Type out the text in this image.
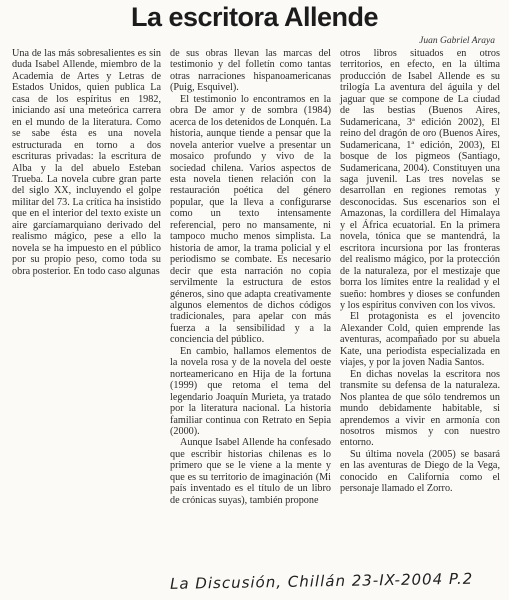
La escritora Allende
Juan Gabriel Araya

Una de las más sobresalientes es sin duda Isabel Allende, miembro de la Academia de Artes y Letras de Estados Unidos, quien publica La casa de los espíritus en 1982, iniciando así una meteórica carrera en el mundo de la literatura. Como se sabe ésta es una novela estructurada en torno a dos escrituras privadas: la escritura de Alba y la del abuelo Esteban Trueba. La novela cubre gran parte del siglo XX, incluyendo el golpe militar del 73. La crítica ha insistido que en el interior del texto existe un aire garcíamarquiano derivado del realismo mágico, pese a ello la novela se ha impuesto en el público por su propio peso, como toda su obra posterior. En todo caso algunas

de sus obras llevan las marcas del testimonio y del folletín como tantas otras narraciones hispanoamericanas (Puig, Esquivel).

El testimonio lo encontramos en la obra De amor y de sombra (1984) acerca de los detenidos de Lonquén. La historia, aunque tiende a pensar que la novela anterior vuelve a presentar un mosaico profundo y vivo de la sociedad chilena. Varios aspectos de esta novela tienen relación con la restauración poética del género popular, que la lleva a configurarse como un texto intensamente referencial, pero no mansamente, ni tampoco mucho menos simplista. La historia de amor, la trama policial y el periodismo se combate. Es necesario decir que esta narración no copia servilmente la estructura de estos géneros, sino que adapta creativamente algunos elementos de dichos códigos tradicionales, para apelar con más fuerza a la sensibilidad y a la conciencia del público.

En cambio, hallamos elementos de la novela rosa y de la novela del oeste norteamericano en Hija de la fortuna (1999) que retoma el tema del legendario Joaquín Murieta, ya tratado por la literatura nacional. La historia familiar continua con Retrato en Sepia (2000).

Aunque Isabel Allende ha confesado que escribir historias chilenas es lo primero que se le viene a la mente y que es su territorio de imaginación (Mi país inventado es el título de un libro de crónicas suyas), también propone

otros libros situados en otros territorios, en efecto, en la última producción de Isabel Allende es su trilogía La aventura del águila y del jaguar que se compone de La ciudad de las bestias (Buenos Aires, Sudamericana, 3ª edición 2002), El reino del dragón de oro (Buenos Aires, Sudamericana, 1ª edición, 2003), El bosque de los pigmeos (Santiago, Sudamericana, 2004). Constituyen una saga juvenil. Las tres novelas se desarrollan en regiones remotas y desconocidas. Sus escenarios son el Amazonas, la cordillera del Himalaya y el África ecuatorial. En la primera novela, tónica que se mantendrá, la escritora incursiona por las fronteras del realismo mágico, por la protección de la naturaleza, por el mestizaje que borra los límites entre la realidad y el sueño: hombres y dioses se confunden y los espíritus conviven con los vivos.

El protagonista es el jovencito Alexander Cold, quien emprende las aventuras, acompañado por su abuela Kate, una periodista especializada en viajes, y por la joven Nadia Santos.

En dichas novelas la escritora nos transmite su defensa de la naturaleza. Nos plantea de que sólo tendremos un mundo debidamente habitable, si aprendemos a vivir en armonía con nosotros mismos y con nuestro entorno.

Su última novela (2005) se basará en las aventuras de Diego de la Vega, conocido en California como el personaje llamado el Zorro.

La Discusión, Chillán 23-IX-2004 P.2
